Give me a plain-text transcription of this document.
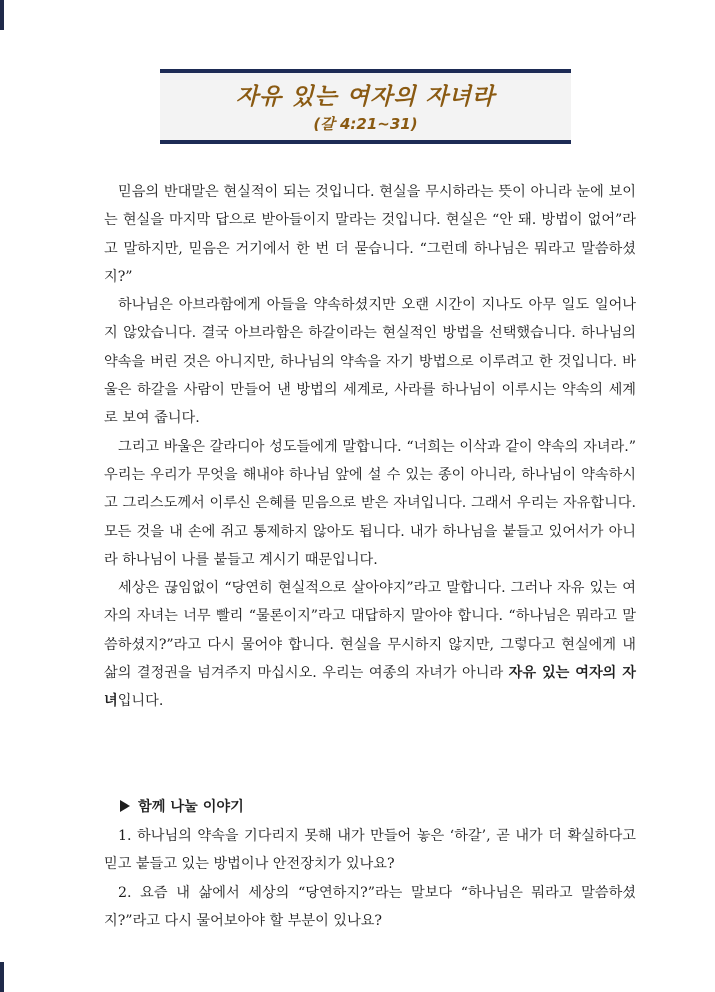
자유 있는 여자의 자녀라
(갈 4:21~31)

믿음의 반대말은 현실적이 되는 것입니다. 현실을 무시하라는 뜻이 아니라 눈에 보이는 현실을 마지막 답으로 받아들이지 말라는 것입니다. 현실은 “안 돼. 방법이 없어”라고 말하지만, 믿음은 거기에서 한 번 더 묻습니다. “그런데 하나님은 뭐라고 말씀하셨지?”

하나님은 아브라함에게 아들을 약속하셨지만 오랜 시간이 지나도 아무 일도 일어나지 않았습니다. 결국 아브라함은 하갈이라는 현실적인 방법을 선택했습니다. 하나님의 약속을 버린 것은 아니지만, 하나님의 약속을 자기 방법으로 이루려고 한 것입니다. 바울은 하갈을 사람이 만들어 낸 방법의 세계로, 사라를 하나님이 이루시는 약속의 세계로 보여 줍니다.

그리고 바울은 갈라디아 성도들에게 말합니다. “너희는 이삭과 같이 약속의 자녀라.” 우리는 우리가 무엇을 해내야 하나님 앞에 설 수 있는 종이 아니라, 하나님이 약속하시고 그리스도께서 이루신 은혜를 믿음으로 받은 자녀입니다. 그래서 우리는 자유합니다. 모든 것을 내 손에 쥐고 통제하지 않아도 됩니다. 내가 하나님을 붙들고 있어서가 아니라 하나님이 나를 붙들고 계시기 때문입니다.

세상은 끊임없이 “당연히 현실적으로 살아야지”라고 말합니다. 그러나 자유 있는 여자의 자녀는 너무 빨리 “물론이지”라고 대답하지 말아야 합니다. “하나님은 뭐라고 말씀하셨지?”라고 다시 물어야 합니다. 현실을 무시하지 않지만, 그렇다고 현실에게 내 삶의 결정권을 넘겨주지 마십시오. 우리는 여종의 자녀가 아니라 자유 있는 여자의 자녀입니다.

함께 나눌 이야기

1. 하나님의 약속을 기다리지 못해 내가 만들어 놓은 ‘하갈’, 곧 내가 더 확실하다고 믿고 붙들고 있는 방법이나 안전장치가 있나요?

2. 요즘 내 삶에서 세상의 “당연하지?”라는 말보다 “하나님은 뭐라고 말씀하셨지?”라고 다시 물어보아야 할 부분이 있나요?
